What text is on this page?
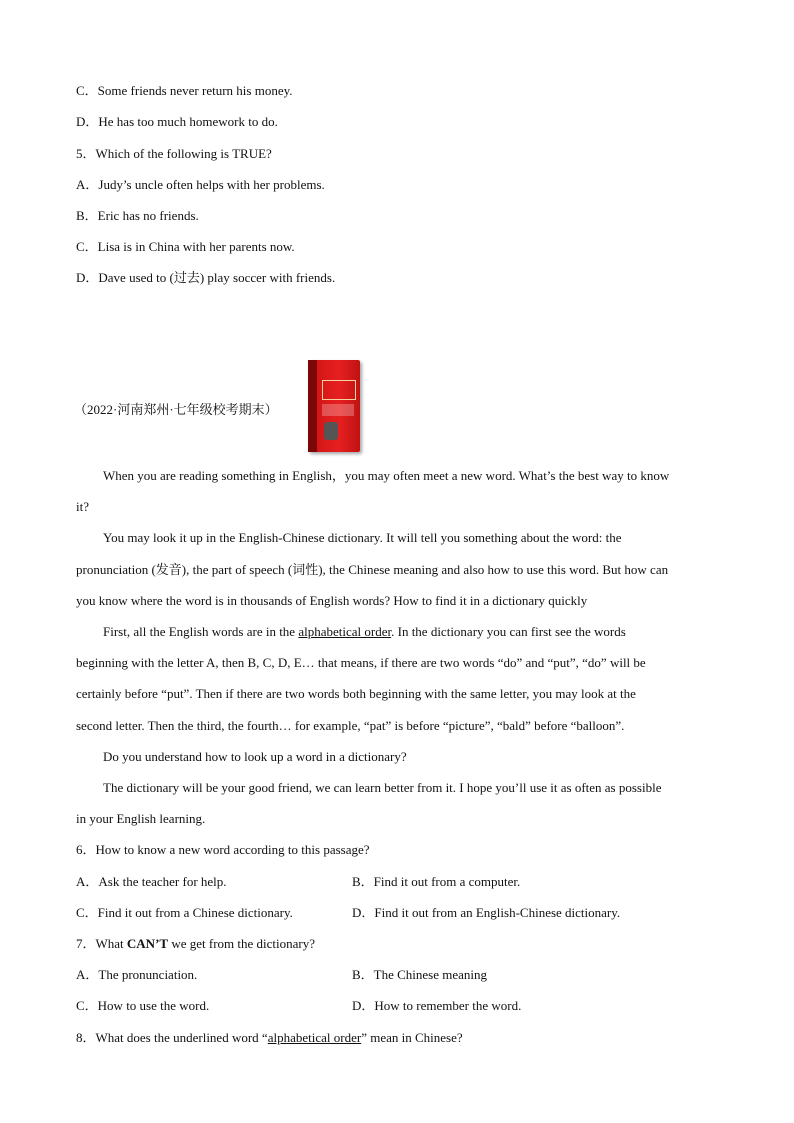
C．Some friends never return his money.
D．He has too much homework to do.
5．Which of the following is TRUE?
A．Judy’s uncle often helps with her problems.
B．Eric has no friends.
C．Lisa is in China with her parents now.
D．Dave used to (过去) play soccer with friends.
（2022·河南郑州·七年级校考期末）
When you are reading something in English，you may often meet a new word. What’s the best way to know
it?
You may look it up in the English-Chinese dictionary. It will tell you something about the word: the
pronunciation (发音), the part of speech (词性), the Chinese meaning and also how to use this word. But how can
you know where the word is in thousands of English words? How to find it in a dictionary quickly
First, all the English words are in the alphabetical order. In the dictionary you can first see the words
beginning with the letter A, then B, C, D, E… that means, if there are two words “do” and “put”, “do” will be
certainly before “put”. Then if there are two words both beginning with the same letter, you may look at the
second letter. Then the third, the fourth… for example, “pat” is before “picture”, “bald” before “balloon”.
Do you understand how to look up a word in a dictionary?
The dictionary will be your good friend, we can learn better from it. I hope you’ll use it as often as possible
in your English learning.
6．How to know a new word according to this passage?
A．Ask the teacher for help.	B．Find it out from a computer.
C．Find it out from a Chinese dictionary.	D．Find it out from an English-Chinese dictionary.
7．What CAN’T we get from the dictionary?
A．The pronunciation.	B．The Chinese meaning
C．How to use the word.	D．How to remember the word.
8．What does the underlined word “alphabetical order” mean in Chinese?
